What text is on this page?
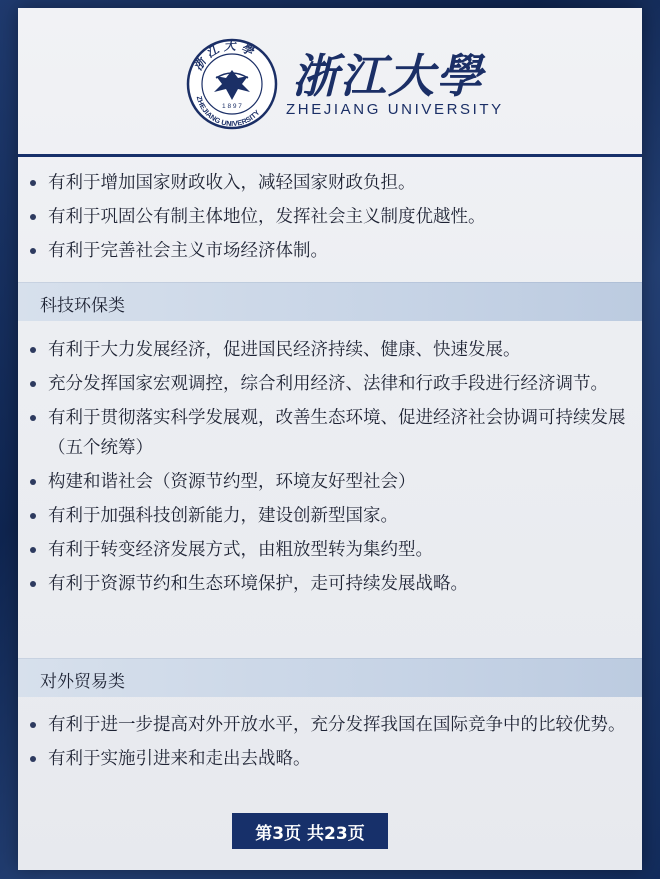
浙 江 大 學
ZHEJIANG UNIVERSITY
1 8 9 7
浙江大學
ZHEJIANG UNIVERSITY
有利于增加国家财政收入，减轻国家财政负担。
有利于巩固公有制主体地位，发挥社会主义制度优越性。
有利于完善社会主义市场经济体制。
科技环保类
有利于大力发展经济，促进国民经济持续、健康、快速发展。
充分发挥国家宏观调控，综合利用经济、法律和行政手段进行经济调节。
有利于贯彻落实科学发展观，改善生态环境、促进经济社会协调可持续发展（五个统筹）
构建和谐社会（资源节约型，环境友好型社会）
有利于加强科技创新能力，建设创新型国家。
有利于转变经济发展方式，由粗放型转为集约型。
有利于资源节约和生态环境保护，走可持续发展战略。
对外贸易类
有利于进一步提高对外开放水平，充分发挥我国在国际竞争中的比较优势。
有利于实施引进来和走出去战略。
第3页 共23页
